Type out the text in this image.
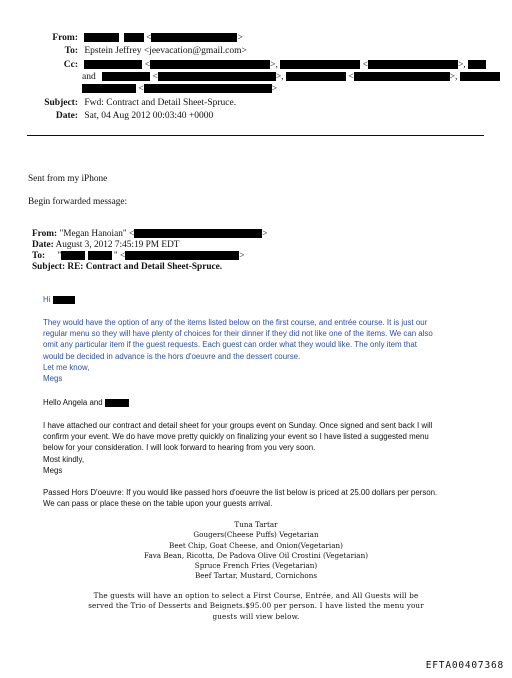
From:	<	>
To: Epstein Jeffrey <jeevacation@gmail.com>
Cc:	<	>,	<	>,
and	<	>,	<	>,
<	>
Subject: Fwd: Contract and Detail Sheet-Spruce.
Date: Sat, 04 Aug 2012 00:03:40 +0000
Sent from my iPhone
Begin forwarded message:
From: "Megan Hanoian" <	>
Date: August 3, 2012 7:45:19 PM EDT
To: "	" <	>
Subject: RE: Contract and Detail Sheet-Spruce.
Hi
They would have the option of any of the items listed below on the first course, and entrée course. It is just our
regular menu so they will have plenty of choices for their dinner if they did not like one of the items. We can also
omit any particular item if the guest requests. Each guest can order what they would like. The only item that
would be decided in advance is the hors d'oeuvre and the dessert course.
Let me know,
Megs
Hello Angela and
I have attached our contract and detail sheet for your groups event on Sunday. Once signed and sent back I will
confirm your event. We do have move pretty quickly on finalizing your event so I have listed a suggested menu
below for your consideration. I will look forward to hearing from you very soon.
Most kindly,
Megs
Passed Hors D'oeuvre: If you would like passed hors d'oeuvre the list below is priced at 25.00 dollars per person.
We can pass or place these on the table upon your guests arrival.
Tuna Tartar
Gougers(Cheese Puffs) Vegetarian
Beet Chip, Goat Cheese, and Onion(Vegetarian)
Fava Bean, Ricotta, De Padova Olive Oil Crostini (Vegetarian)
Spruce French Fries (Vegetarian)
Beef Tartar, Mustard, Cornichons
The guests will have an option to select a First Course, Entrée, and All Guests will be
served the Trio of Desserts and Beignets.$95.00 per person. I have listed the menu your
guests will view below.
EFTA00407368
